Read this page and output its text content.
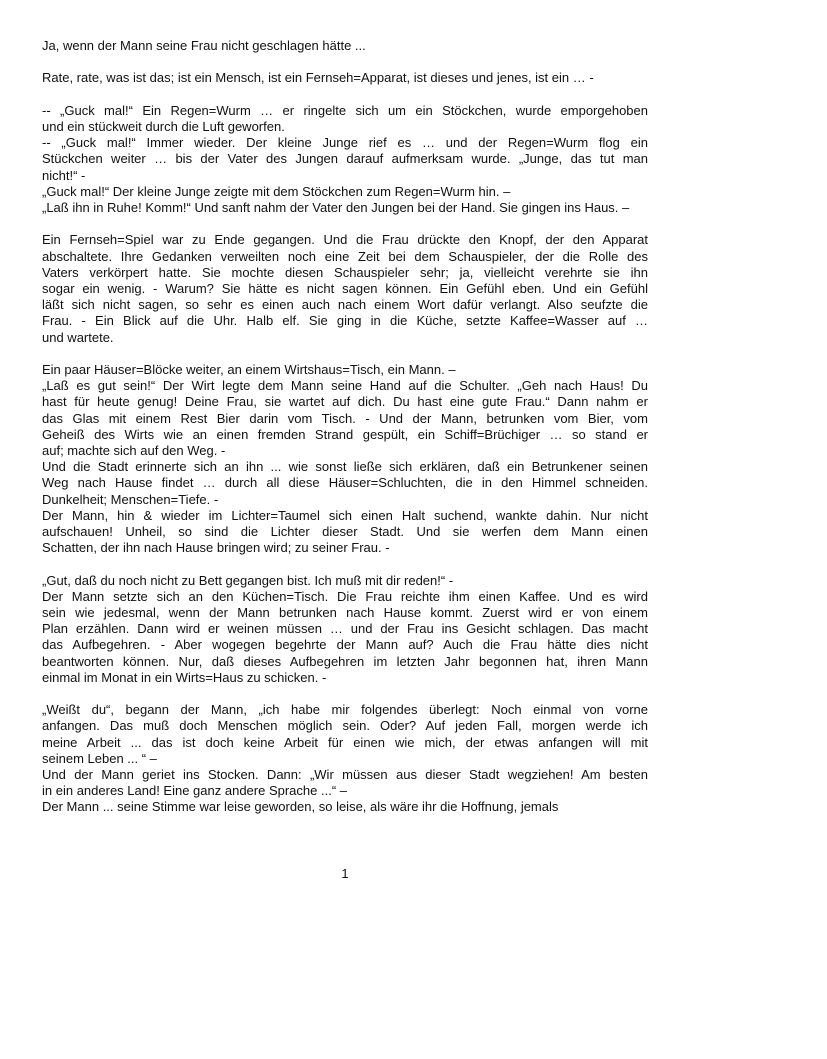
Ja, wenn der Mann seine Frau nicht geschlagen hätte ...
Rate, rate, was ist das; ist ein Mensch, ist ein Fernseh=Apparat, ist dieses und jenes, ist ein … -
-- „Guck mal!“ Ein Regen=Wurm … er ringelte sich um ein Stöckchen, wurde emporgehoben
und ein stückweit durch die Luft geworfen.
-- „Guck mal!“ Immer wieder. Der kleine Junge rief es … und der Regen=Wurm flog ein
Stückchen weiter … bis der Vater des Jungen darauf aufmerksam wurde. „Junge, das tut man
nicht!“ -
„Guck mal!“ Der kleine Junge zeigte mit dem Stöckchen zum Regen=Wurm hin. –
„Laß ihn in Ruhe! Komm!“ Und sanft nahm der Vater den Jungen bei der Hand. Sie gingen ins Haus. –
Ein Fernseh=Spiel war zu Ende gegangen. Und die Frau drückte den Knopf, der den Apparat
abschaltete. Ihre Gedanken verweilten noch eine Zeit bei dem Schauspieler, der die Rolle des
Vaters verkörpert hatte. Sie mochte diesen Schauspieler sehr; ja, vielleicht verehrte sie ihn
sogar ein wenig. - Warum? Sie hätte es nicht sagen können. Ein Gefühl eben. Und ein Gefühl
läßt sich nicht sagen, so sehr es einen auch nach einem Wort dafür verlangt. Also seufzte die
Frau. - Ein Blick auf die Uhr. Halb elf. Sie ging in die Küche, setzte Kaffee=Wasser auf …
und wartete.
Ein paar Häuser=Blöcke weiter, an einem Wirtshaus=Tisch, ein Mann. –
„Laß es gut sein!“ Der Wirt legte dem Mann seine Hand auf die Schulter. „Geh nach Haus! Du
hast für heute genug! Deine Frau, sie wartet auf dich. Du hast eine gute Frau.“ Dann nahm er
das Glas mit einem Rest Bier darin vom Tisch. - Und der Mann, betrunken vom Bier, vom
Geheiß des Wirts wie an einen fremden Strand gespült, ein Schiff=Brüchiger … so stand er
auf; machte sich auf den Weg. -
Und die Stadt erinnerte sich an ihn ... wie sonst ließe sich erklären, daß ein Betrunkener seinen
Weg nach Hause findet … durch all diese Häuser=Schluchten, die in den Himmel schneiden.
Dunkelheit; Menschen=Tiefe. -
Der Mann, hin & wieder im Lichter=Taumel sich einen Halt suchend, wankte dahin. Nur nicht
aufschauen! Unheil, so sind die Lichter dieser Stadt. Und sie werfen dem Mann einen
Schatten, der ihn nach Hause bringen wird; zu seiner Frau. -
„Gut, daß du noch nicht zu Bett gegangen bist. Ich muß mit dir reden!“ -
Der Mann setzte sich an den Küchen=Tisch. Die Frau reichte ihm einen Kaffee. Und es wird
sein wie jedesmal, wenn der Mann betrunken nach Hause kommt. Zuerst wird er von einem
Plan erzählen. Dann wird er weinen müssen … und der Frau ins Gesicht schlagen. Das macht
das Aufbegehren. - Aber wogegen begehrte der Mann auf? Auch die Frau hätte dies nicht
beantworten können. Nur, daß dieses Aufbegehren im letzten Jahr begonnen hat, ihren Mann
einmal im Monat in ein Wirts=Haus zu schicken. -
„Weißt du“, begann der Mann, „ich habe mir folgendes überlegt: Noch einmal von vorne
anfangen. Das muß doch Menschen möglich sein. Oder? Auf jeden Fall, morgen werde ich
meine Arbeit ... das ist doch keine Arbeit für einen wie mich, der etwas anfangen will mit
seinem Leben ... “ –
Und der Mann geriet ins Stocken. Dann: „Wir müssen aus dieser Stadt wegziehen! Am besten
in ein anderes Land! Eine ganz andere Sprache ...“ –
Der Mann ... seine Stimme war leise geworden, so leise, als wäre ihr die Hoffnung, jemals
1
